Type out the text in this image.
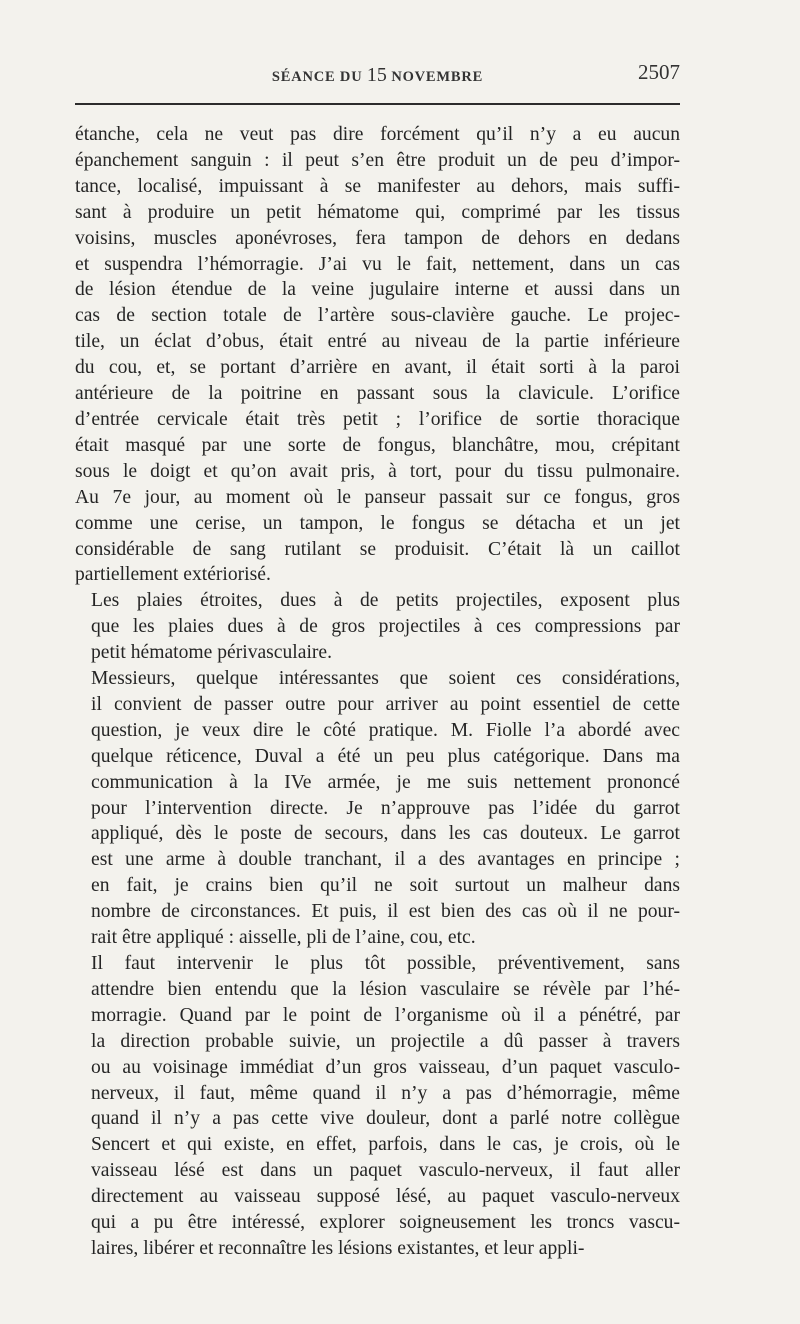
SÉANCE DU 15 NOVEMBRE	2507

étanche, cela ne veut pas dire forcément qu’il n’y a eu aucun
épanchement sanguin : il peut s’en être produit un de peu d’impor-
tance, localisé, impuissant à se manifester au dehors, mais suffi-
sant à produire un petit hématome qui, comprimé par les tissus
voisins, muscles aponévroses, fera tampon de dehors en dedans
et suspendra l’hémorragie. J’ai vu le fait, nettement, dans un cas
de lésion étendue de la veine jugulaire interne et aussi dans un
cas de section totale de l’artère sous-clavière gauche. Le projec-
tile, un éclat d’obus, était entré au niveau de la partie inférieure
du cou, et, se portant d’arrière en avant, il était sorti à la paroi
antérieure de la poitrine en passant sous la clavicule. L’orifice
d’entrée cervicale était très petit ; l’orifice de sortie thoracique
était masqué par une sorte de fongus, blanchâtre, mou, crépitant
sous le doigt et qu’on avait pris, à tort, pour du tissu pulmonaire.
Au 7e jour, au moment où le panseur passait sur ce fongus, gros
comme une cerise, un tampon, le fongus se détacha et un jet
considérable de sang rutilant se produisit. C’était là un caillot
partiellement extériorisé.

Les plaies étroites, dues à de petits projectiles, exposent plus
que les plaies dues à de gros projectiles à ces compressions par
petit hématome périvasculaire.

Messieurs, quelque intéressantes que soient ces considérations,
il convient de passer outre pour arriver au point essentiel de cette
question, je veux dire le côté pratique. M. Fiolle l’a abordé avec
quelque réticence, Duval a été un peu plus catégorique. Dans ma
communication à la IVe armée, je me suis nettement prononcé
pour l’intervention directe. Je n’approuve pas l’idée du garrot
appliqué, dès le poste de secours, dans les cas douteux. Le garrot
est une arme à double tranchant, il a des avantages en principe ;
en fait, je crains bien qu’il ne soit surtout un malheur dans
nombre de circonstances. Et puis, il est bien des cas où il ne pour-
rait être appliqué : aisselle, pli de l’aine, cou, etc.

Il faut intervenir le plus tôt possible, préventivement, sans
attendre bien entendu que la lésion vasculaire se révèle par l’hé-
morragie. Quand par le point de l’organisme où il a pénétré, par
la direction probable suivie, un projectile a dû passer à travers
ou au voisinage immédiat d’un gros vaisseau, d’un paquet vasculo-
nerveux, il faut, même quand il n’y a pas d’hémorragie, même
quand il n’y a pas cette vive douleur, dont a parlé notre collègue
Sencert et qui existe, en effet, parfois, dans le cas, je crois, où le
vaisseau lésé est dans un paquet vasculo-nerveux, il faut aller
directement au vaisseau supposé lésé, au paquet vasculo-nerveux
qui a pu être intéressé, explorer soigneusement les troncs vascu-
laires, libérer et reconnaître les lésions existantes, et leur appli-
